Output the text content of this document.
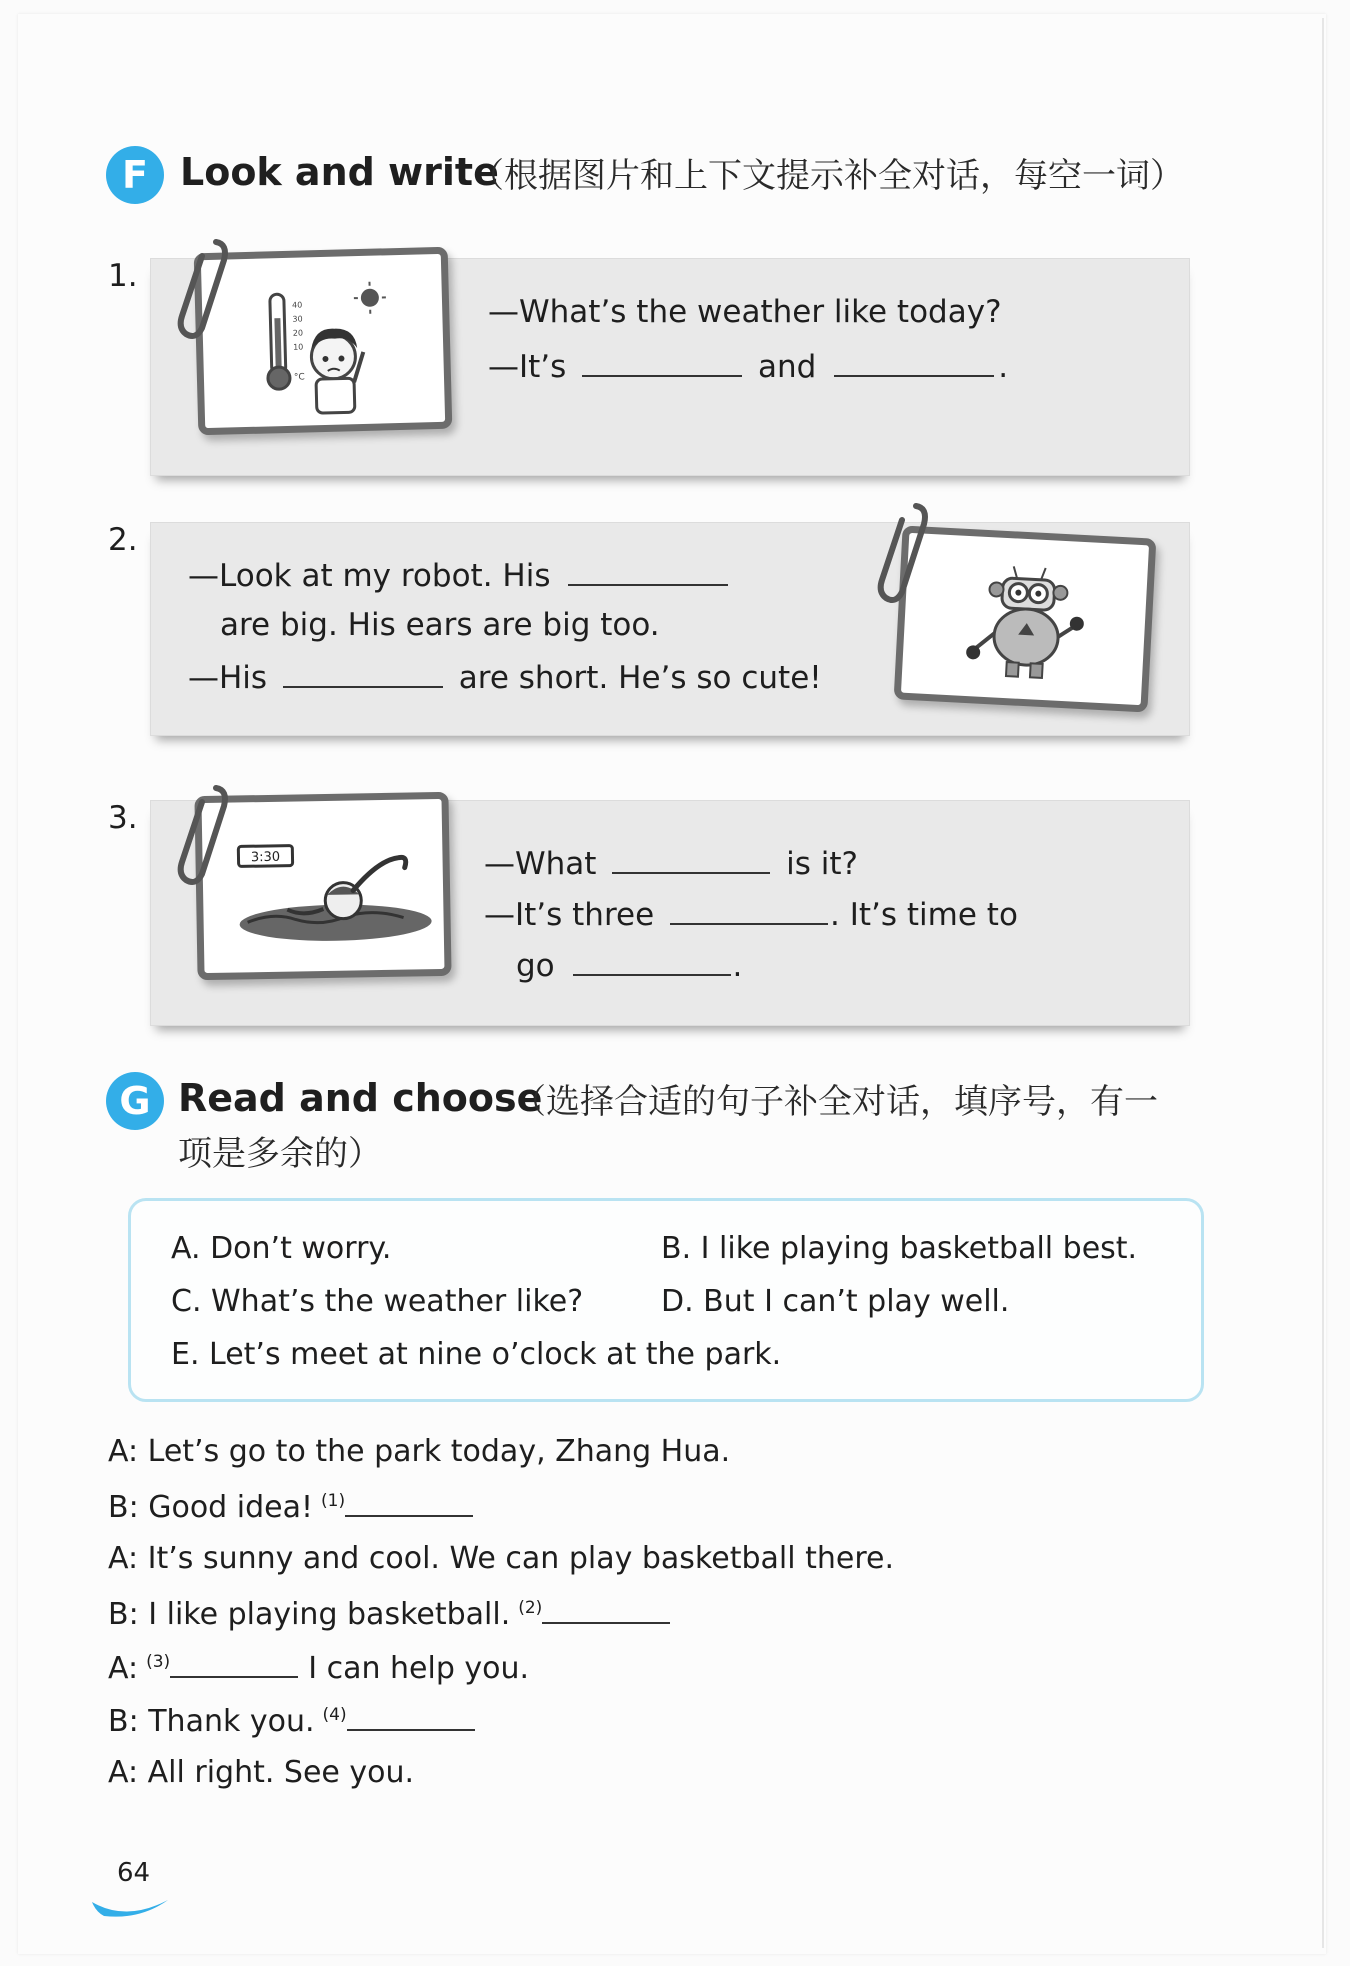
F Look and write
（根据图片和上下文提示补全对话，每空一词）
1.
40
30
20
10
°C
—What’s the weather like today?
—It’s	and	.
2.
—Look at my robot. His
are big. His ears are big too.
—His	are short. He’s so cute!
3.
3:30	—What	is it?
—It’s three	. It’s time to
go	.
G Read and choose
（选择合适的句子补全对话，填序号，有一
项是多余的）
A. Don’t worry.	B. I like playing basketball best.
C. What’s the weather like?	D. But I can’t play well.
E. Let’s meet at nine o’clock at the park.
A: Let’s go to the park today, Zhang Hua.
B: Good idea! $^{(1)}$
A: It’s sunny and cool. We can play basketball there.
B: I like playing basketball. $^{(2)}$
A: $^{(3)}$	I can help you.
B: Thank you. $^{(4)}$
A: All right. See you.
64
